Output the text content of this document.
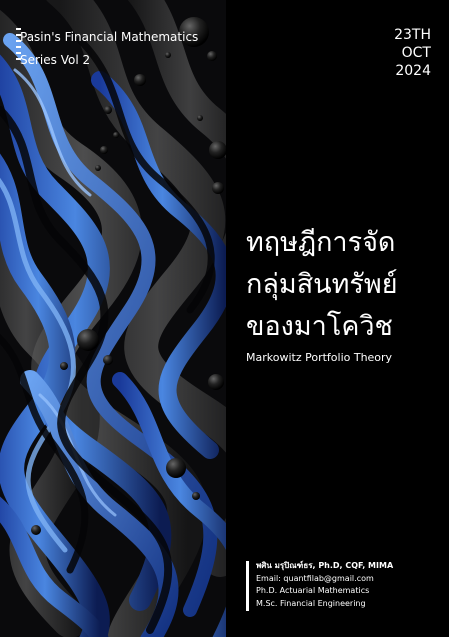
Pasin's Financial Mathematics
Series Vol 2
23TH
OCT
2024
ทฤษฎีการจัด
กลุ่มสินทรัพย์
ของมาโควิช
Markowitz Portfolio Theory
พศิน มรุปิณฑ์ธร, Ph.D, CQF, MIMA
Email: quantfilab@gmail.com
Ph.D. Actuarial Mathematics
M.Sc. Financial Engineering
